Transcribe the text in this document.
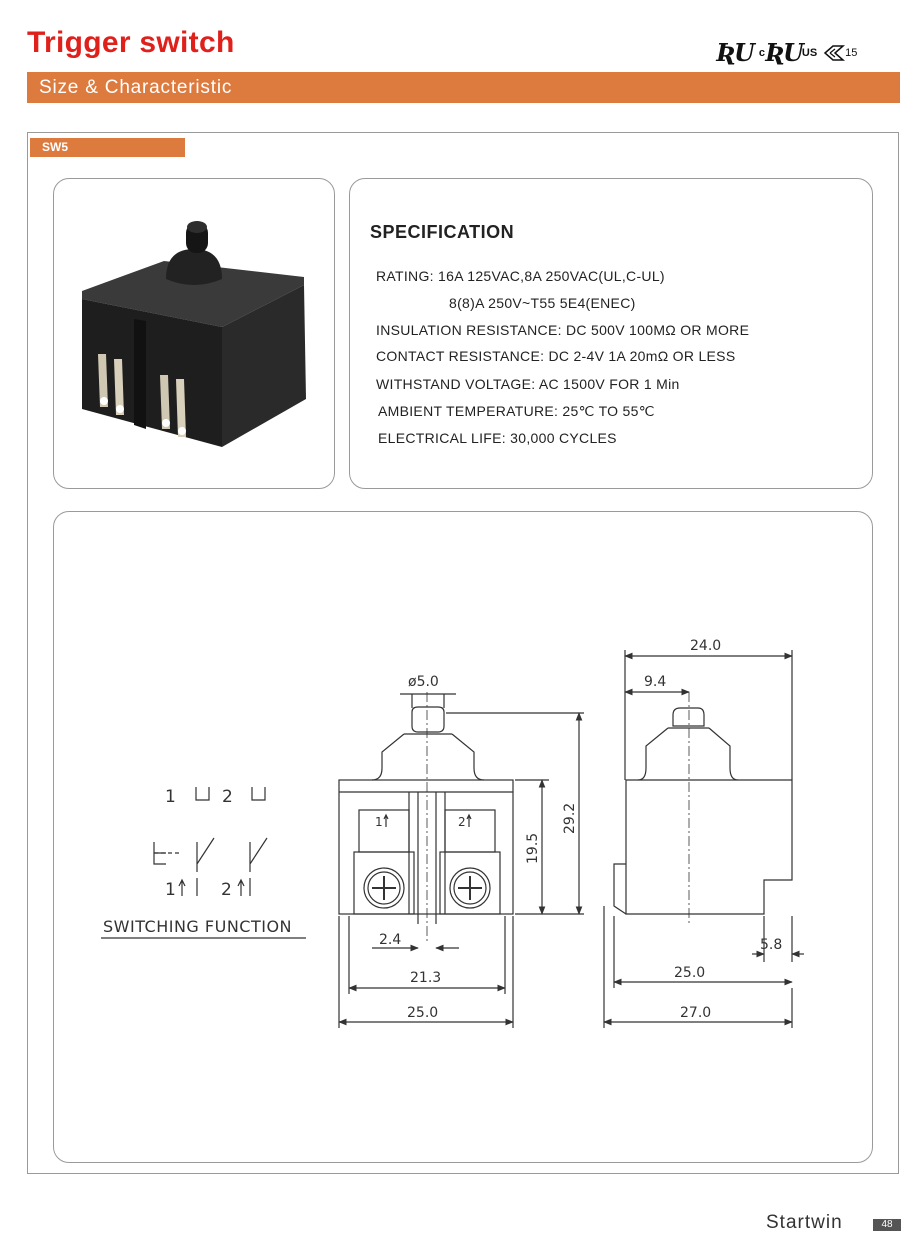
Trigger switch	ƦU c ƦU US	15
Size & Characteristic
SW5
SPECIFICATION
RATING: 16A 125VAC,8A 250VAC(UL,C-UL)
8(8)A 250V~T55 5E4(ENEC)
INSULATION RESISTANCE: DC 500V 100MΩ OR MORE
CONTACT RESISTANCE: DC 2-4V 1A 20mΩ OR LESS
WITHSTAND VOLTAGE: AC 1500V FOR 1 Min
AMBIENT TEMPERATURE: 25℃ TO 55℃
ELECTRICAL LIFE: 30,000 CYCLES
1	2
1	2
SWITCHING FUNCTION
1	2
ø5.0
29.2
19.5
2.4
21.3
25.0
24.0
9.4
5.8
25.0
27.0
Startwin	48
